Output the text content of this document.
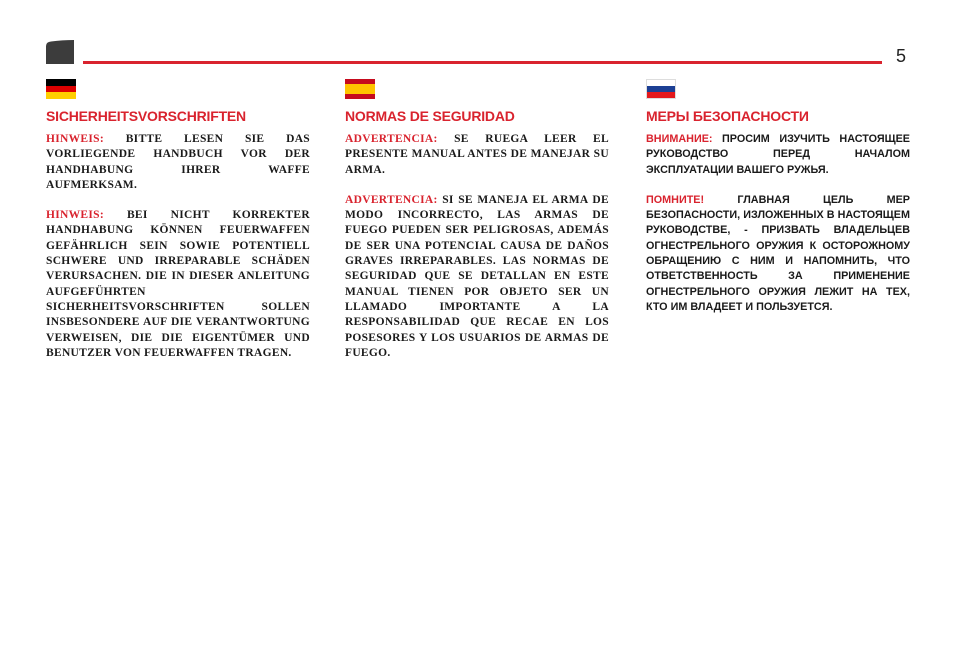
5
SICHERHEITSVORSCHRIFTEN

HINWEIS: BITTE LESEN SIE DAS VORLIEGENDE HANDBUCH VOR DER HANDHABUNG IHRER WAFFE AUFMERKSAM.

HINWEIS: BEI NICHT KORREKTER HANDHABUNG KÖNNEN FEUERWAFFEN GEFÄHRLICH SEIN SOWIE POTENTIELL SCHWERE UND IRREPARABLE SCHÄDEN VERURSACHEN. DIE IN DIESER ANLEITUNG AUFGEFÜHRTEN SICHERHEITSVORSCHRIFTEN SOLLEN INSBESONDERE AUF DIE VERANTWORTUNG VERWEISEN, DIE DIE EIGENTÜMER UND BENUTZER VON FEUERWAFFEN TRAGEN.

NORMAS DE SEGURIDAD

ADVERTENCIA: SE RUEGA LEER EL PRESENTE MANUAL ANTES DE MANEJAR SU ARMA.

ADVERTENCIA: SI SE MANEJA EL ARMA DE MODO INCORRECTO, LAS ARMAS DE FUEGO PUEDEN SER PELIGROSAS, ADEMÁS DE SER UNA POTENCIAL CAUSA DE DAÑOS GRAVES IRREPARABLES. LAS NORMAS DE SEGURIDAD QUE SE DETALLAN EN ESTE MANUAL TIENEN POR OBJETO SER UN LLAMADO IMPORTANTE A LA RESPONSABILIDAD QUE RECAE EN LOS POSESORES Y LOS USUARIOS DE ARMAS DE FUEGO.

МЕРЫ БЕЗОПАСНОСТИ

ВНИМАНИЕ: ПРОСИМ ИЗУЧИТЬ НАСТОЯЩЕЕ РУКОВОДСТВО ПЕРЕД НАЧАЛОМ ЭКСПЛУАТАЦИИ ВАШЕГО РУЖЬЯ.

ПОМНИТЕ!	ГЛАВНАЯ ЦЕЛЬ МЕР БЕЗОПАСНОСТИ, ИЗЛОЖЕННЫХ В НАСТОЯЩЕМ РУКОВОДСТВЕ, - ПРИЗВАТЬ ВЛАДЕЛЬЦЕВ ОГНЕСТРЕЛЬНОГО ОРУЖИЯ К ОСТОРОЖНОМУ ОБРАЩЕНИЮ С НИМ И НАПОМНИТЬ, ЧТО ОТВЕТСТВЕННОСТЬ ЗА ПРИМЕНЕНИЕ ОГНЕСТРЕЛЬНОГО ОРУЖИЯ ЛЕЖИТ НА ТЕХ, КТО ИМ ВЛАДЕЕТ И ПОЛЬЗУЕТСЯ.
